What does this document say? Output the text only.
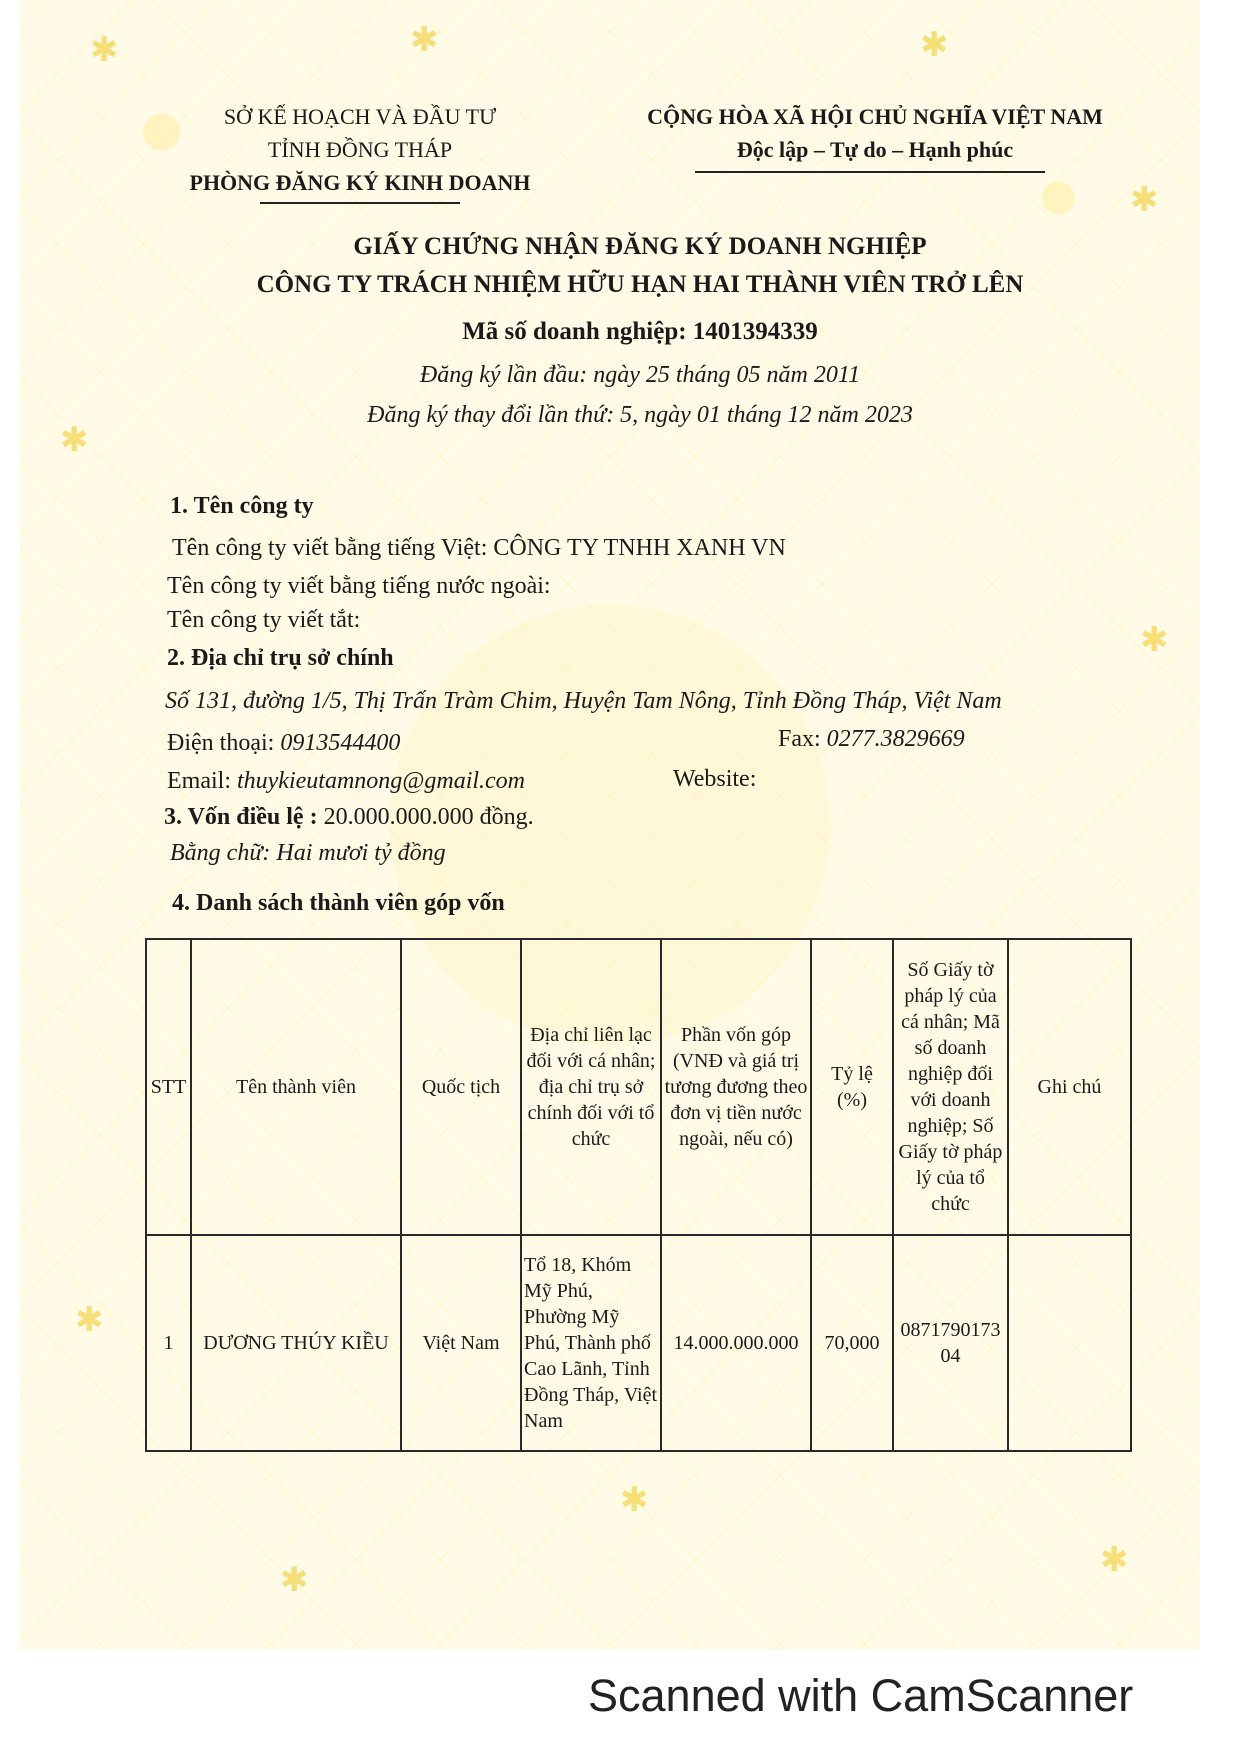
✱	✱	✱
✱
✱
✱
✱
✱
✱
✱
SỞ KẾ HOẠCH VÀ ĐẦU TƯ
TỈNH ĐỒNG THÁP
PHÒNG ĐĂNG KÝ KINH DOANH
CỘNG HÒA XÃ HỘI CHỦ NGHĨA VIỆT NAM
Độc lập – Tự do – Hạnh phúc
GIẤY CHỨNG NHẬN ĐĂNG KÝ DOANH NGHIỆP
CÔNG TY TRÁCH NHIỆM HỮU HẠN HAI THÀNH VIÊN TRỞ LÊN
Mã số doanh nghiệp: 1401394339
Đăng ký lần đầu: ngày 25 tháng 05 năm 2011
Đăng ký thay đổi lần thứ: 5, ngày 01 tháng 12 năm 2023
1. Tên công ty
Tên công ty viết bằng tiếng Việt: CÔNG TY TNHH XANH VN
Tên công ty viết bằng tiếng nước ngoài:
Tên công ty viết tắt:
2. Địa chỉ trụ sở chính
Số 131, đường 1/5, Thị Trấn Tràm Chim, Huyện Tam Nông, Tỉnh Đồng Tháp, Việt Nam
Điện thoại: 0913544400	Fax: 0277.3829669
Email: thuykieutamnong@gmail.com	Website:
3. Vốn điều lệ : 20.000.000.000 đồng.
Bằng chữ: Hai mươi tỷ đồng
4. Danh sách thành viên góp vốn
STT	Tên thành viên	Quốc tịch	Địa chỉ liên lạc đối với cá nhân; địa chỉ trụ sở chính đối với tổ chức	Phần vốn góp (VNĐ và giá trị tương đương theo đơn vị tiền nước ngoài, nếu có)	Tỷ lệ (%)	Số Giấy tờ pháp lý của cá nhân; Mã số doanh nghiệp đối với doanh nghiệp; Số Giấy tờ pháp lý của tổ chức	Ghi chú
1	DƯƠNG THÚY KIỀU	Việt Nam	Tổ 18, Khóm Mỹ Phú, Phường Mỹ Phú, Thành phố Cao Lãnh, Tỉnh Đồng Tháp, Việt Nam	14.000.000.000	70,000	087179017304	
Scanned with CamScanner
